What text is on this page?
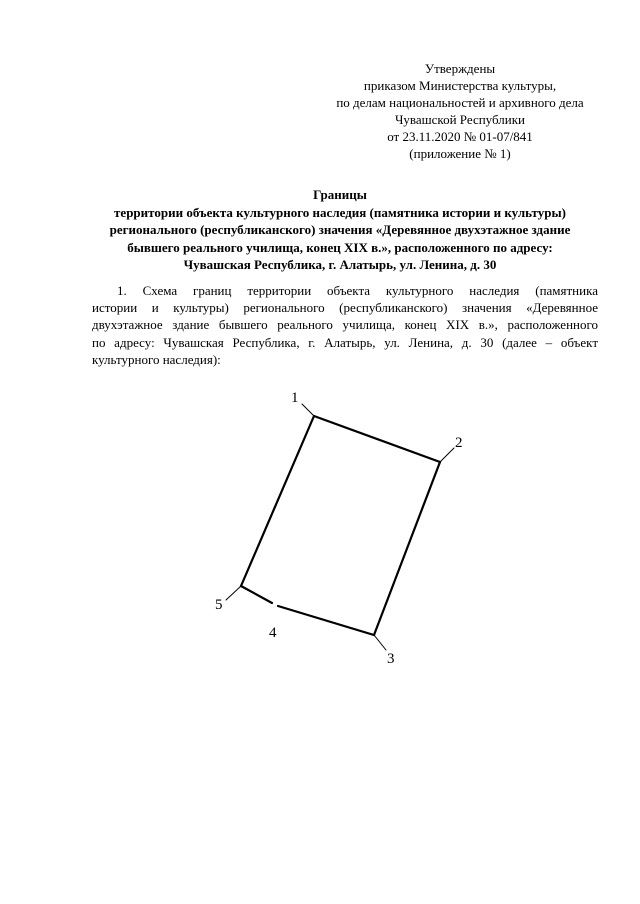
Утверждены
приказом Министерства культуры,
по делам национальностей и архивного дела
Чувашской Республики
от 23.11.2020 № 01-07/841
(приложение № 1)
Границы
территории объекта культурного наследия (памятника истории и культуры)
регионального (республиканского) значения «Деревянное двухэтажное здание
бывшего реального училища, конец XIX в.», расположенного по адресу:
Чувашская Республика, г. Алатырь, ул. Ленина, д. 30
1. Схема границ территории объекта культурного наследия (памятника
истории и культуры) регионального (республиканского) значения «Деревянное
двухэтажное здание бывшего реального училища, конец XIX в.», расположенного
по адресу: Чувашская Республика, г. Алатырь, ул. Ленина, д. 30 (далее – объект
культурного наследия):
1
2
3
4
5
